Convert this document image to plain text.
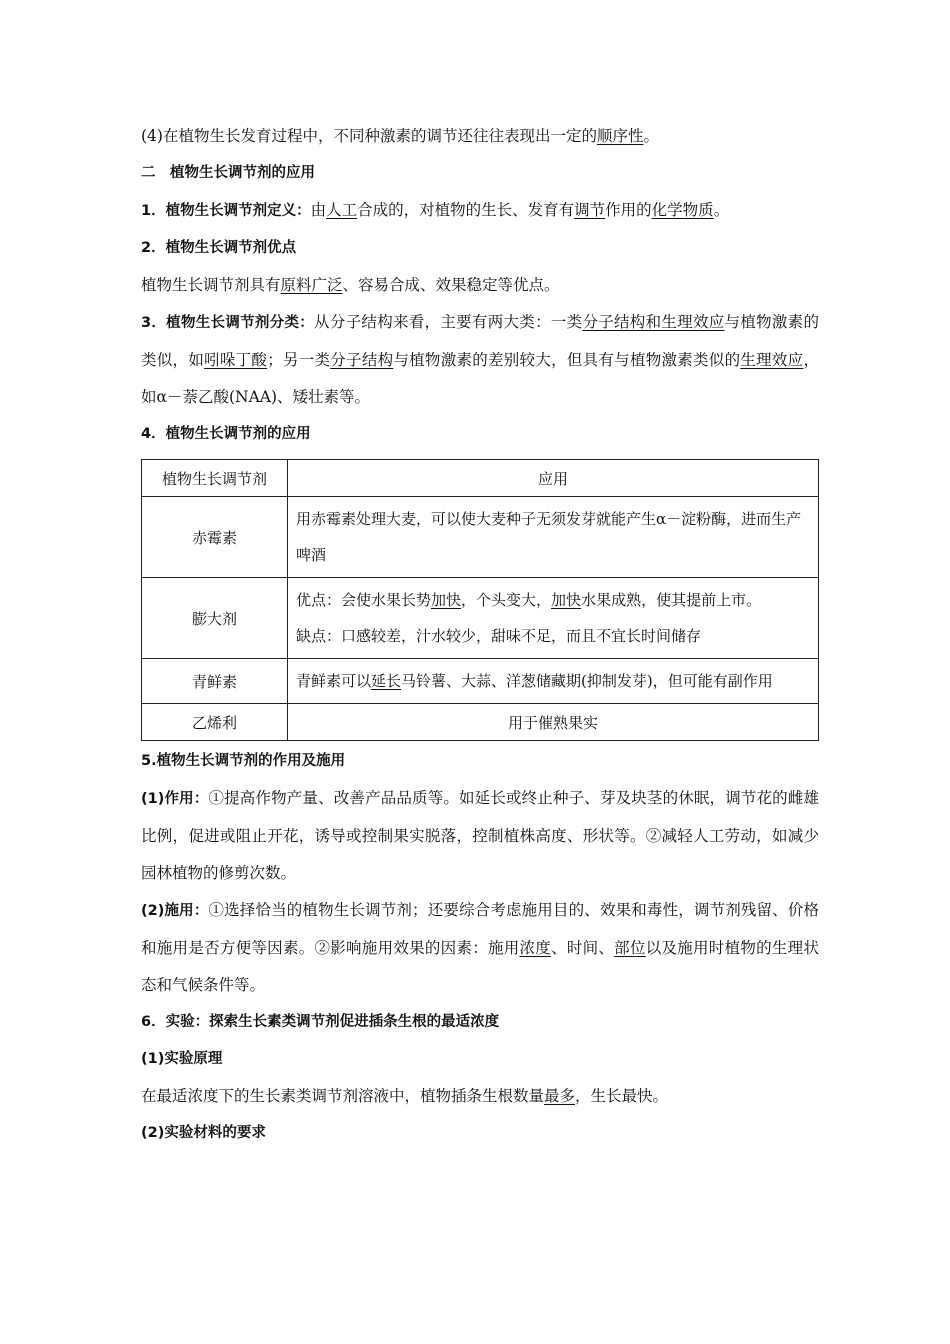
(4)在植物生长发育过程中，不同种激素的调节还往往表现出一定的顺序性。

二　植物生长调节剂的应用

1．植物生长调节剂定义：由人工合成的，对植物的生长、发育有调节作用的化学物质。

2．植物生长调节剂优点

植物生长调节剂具有原料广泛、容易合成、效果稳定等优点。

3．植物生长调节剂分类：从分子结构来看，主要有两大类：一类分子结构和生理效应与植物激素的类似，如吲哚丁酸；另一类分子结构与植物激素的差别较大，但具有与植物激素类似的生理效应，如α－萘乙酸(NAA)、矮壮素等。

4．植物生长调节剂的应用

植物生长调节剂	应用
赤霉素	用赤霉素处理大麦，可以使大麦种子无须发芽就能产生α－淀粉酶，进而生产啤酒
膨大剂	优点：会使水果长势加快，个头变大，加快水果成熟，使其提前上市。
缺点：口感较差，汁水较少，甜味不足，而且不宜长时间储存
青鲜素	青鲜素可以延长马铃薯、大蒜、洋葱储藏期(抑制发芽)，但可能有副作用
乙烯利	用于催熟果实

5.植物生长调节剂的作用及施用

(1)作用：①提高作物产量、改善产品品质等。如延长或终止种子、芽及块茎的休眠，调节花的雌雄比例，促进或阻止开花，诱导或控制果实脱落，控制植株高度、形状等。②减轻人工劳动，如减少园林植物的修剪次数。

(2)施用：①选择恰当的植物生长调节剂；还要综合考虑施用目的、效果和毒性，调节剂残留、价格和施用是否方便等因素。②影响施用效果的因素：施用浓度、时间、部位以及施用时植物的生理状态和气候条件等。

6．实验：探索生长素类调节剂促进插条生根的最适浓度

(1)实验原理

在最适浓度下的生长素类调节剂溶液中，植物插条生根数量最多，生长最快。

(2)实验材料的要求
